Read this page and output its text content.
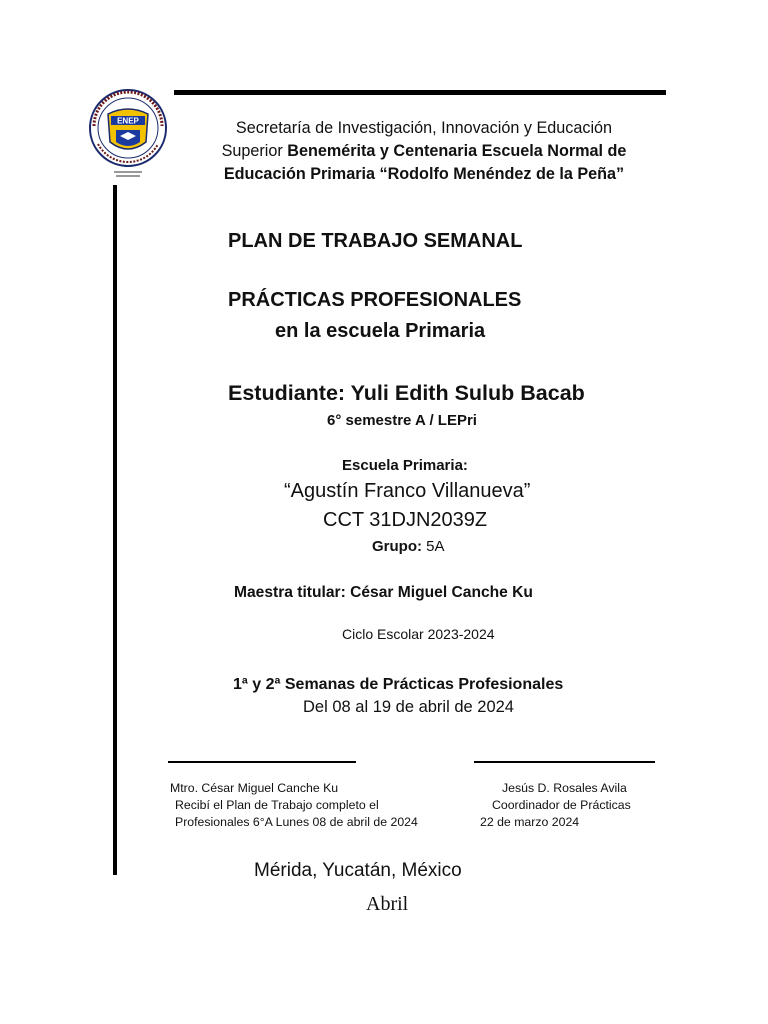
ENEP	Secretaría de Investigación, Innovación y Educación
Superior Benemérita y Centenaria Escuela Normal de
Educación Primaria “Rodolfo Menéndez de la Peña”
PLAN DE TRABAJO SEMANAL
PRÁCTICAS PROFESIONALES
en la escuela Primaria
Estudiante: Yuli Edith Sulub Bacab
6° semestre A / LEPri
Escuela Primaria:
“Agustín Franco Villanueva”
CCT 31DJN2039Z
Grupo: 5A
Maestra titular: César Miguel Canche Ku
Ciclo Escolar 2023-2024
1ª y 2ª Semanas de Prácticas Profesionales
Del 08 al 19 de abril de 2024
Mtro. César Miguel Canche Ku
Recibí el Plan de Trabajo completo el
Profesionales 6°A Lunes 08 de abril de 2024
Jesús D. Rosales Avila
Coordinador de Prácticas
22 de marzo 2024
Mérida, Yucatán, México
Abril
